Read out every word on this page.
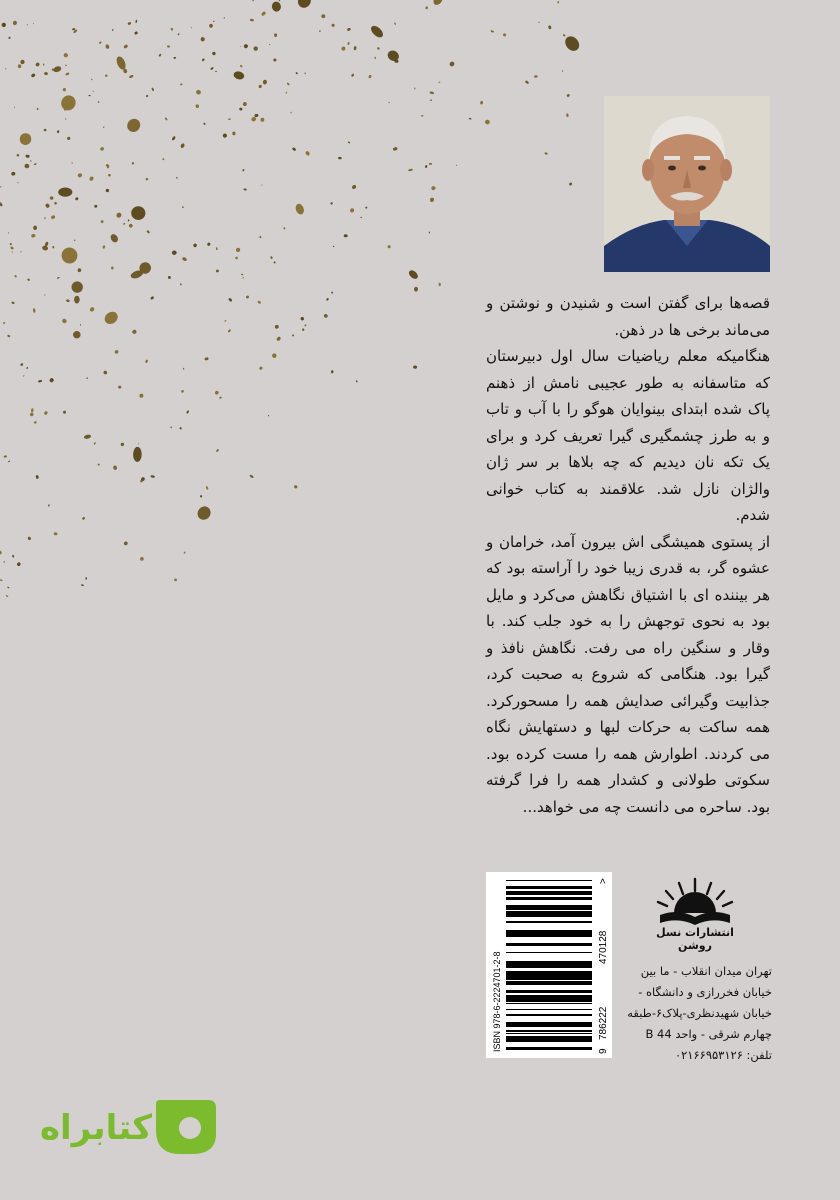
قصه‌ها برای گفتن است و شنیدن و نوشتن و می‌ماند برخی ها در ذهن.

هنگامیکه معلم ریاضیات سال اول دبیرستان که متاسفانه به طور عجیبی نامش از ذهنم پاک شده ابتدای بینوایان هوگو را با آب و تاب و به طرز چشمگیری گیرا تعریف کرد و برای یک تکه نان دیدیم که چه بلاها بر سر ژان والژان نازل شد. علاقمند به کتاب خوانی شدم.

از پستوی همیشگی اش بیرون آمد، خرامان و عشوه گر، به قدری زیبا خود را آراسته بود که هر بیننده ای با اشتیاق نگاهش می‌کرد و مایل بود به نحوی توجهش را به خود جلب کند. با وقار و سنگین راه می رفت. نگاهش نافذ و گیرا بود. هنگامی که شروع به صحبت کرد، جذابیت وگیرائی صدایش همه را مسحورکرد. همه ساکت به حرکات لبها و دستهایش نگاه می کردند. اطوارش همه را مست کرده بود. سکوتی طولانی و کشدار همه را فرا گرفته بود. ساحره می دانست چه می خواهد...

ISBN 978-6-2224701-2-8	9
786222
470128
>
انتشارات نسل روشن
تهران میدان انقلاب - ما بین
خیابان فخررازی و دانشگاه -
خیابان شهیدنظری-پلاک۶-طبقه
چهارم شرقی - واحد 44 B
تلفن: ۰۲۱۶۶۹۵۳۱۲۶
کتابراه
